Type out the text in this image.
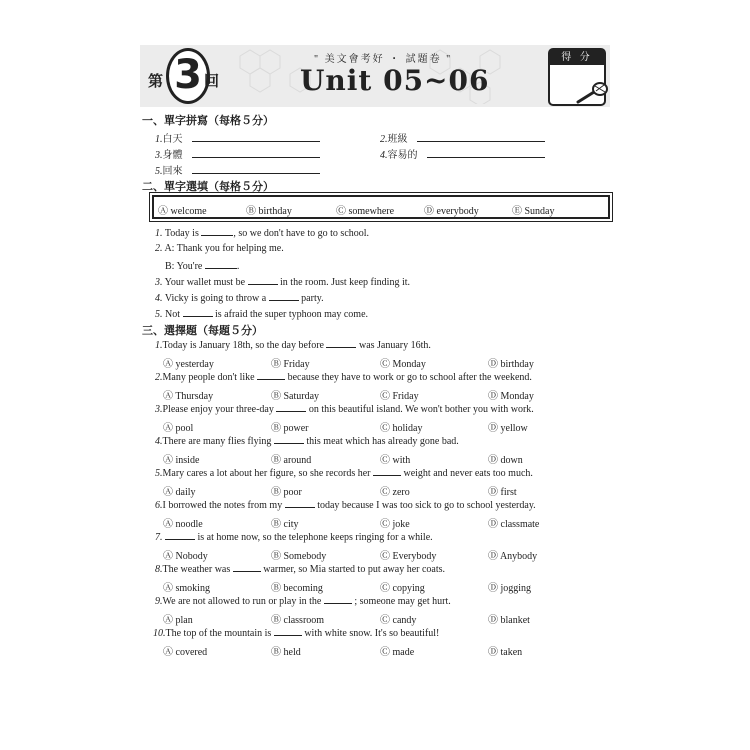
第 3 回
" 美文會考好 ・ 試題卷 "
Unit 05~06
得 分
一、單字拼寫（每格５分）
1.白天	2.班級
3.身體	4.容易的
5.回來
二、單字選填（每格５分）
Ⓐ welcome	Ⓑ birthday	Ⓒ somewhere	Ⓓ everybody	Ⓔ Sunday
1. Today is	, so we don't have to go to school.
2. A: Thank you for helping me.
B: You're	.
3. Your wallet must be	in the room. Just keep finding it.
4. Vicky is going to throw a	party.
5. Not	is afraid the super typhoon may come.
三、選擇題（每題５分）
1.Today is January 18th, so the day before	was January 16th.
Ⓐ yesterday	Ⓑ Friday	Ⓒ Monday	Ⓓ birthday
2.Many people don't like	because they have to work or go to school after the weekend.
Ⓐ Thursday	Ⓑ Saturday	Ⓒ Friday	Ⓓ Monday
3.Please enjoy your three-day	on this beautiful island. We won't bother you with work.
Ⓐ pool	Ⓑ power	Ⓒ holiday	Ⓓ yellow
4.There are many flies flying	this meat which has already gone bad.
Ⓐ inside	Ⓑ around	Ⓒ with	Ⓓ down
5.Mary cares a lot about her figure, so she records her	weight and never eats too much.
Ⓐ daily	Ⓑ poor	Ⓒ zero	Ⓓ first
6.I borrowed the notes from my	today because I was too sick to go to school yesterday.
Ⓐ noodle	Ⓑ city	Ⓒ joke	Ⓓ classmate
7.	is at home now, so the telephone keeps ringing for a while.
Ⓐ Nobody	Ⓑ Somebody	Ⓒ Everybody	Ⓓ Anybody
8.The weather was	warmer, so Mia started to put away her coats.
Ⓐ smoking	Ⓑ becoming	Ⓒ copying	Ⓓ jogging
9.We are not allowed to run or play in the	; someone may get hurt.
Ⓐ plan	Ⓑ classroom	Ⓒ candy	Ⓓ blanket
10.The top of the mountain is	with white snow. It's so beautiful!
Ⓐ covered	Ⓑ held	Ⓒ made	Ⓓ taken
